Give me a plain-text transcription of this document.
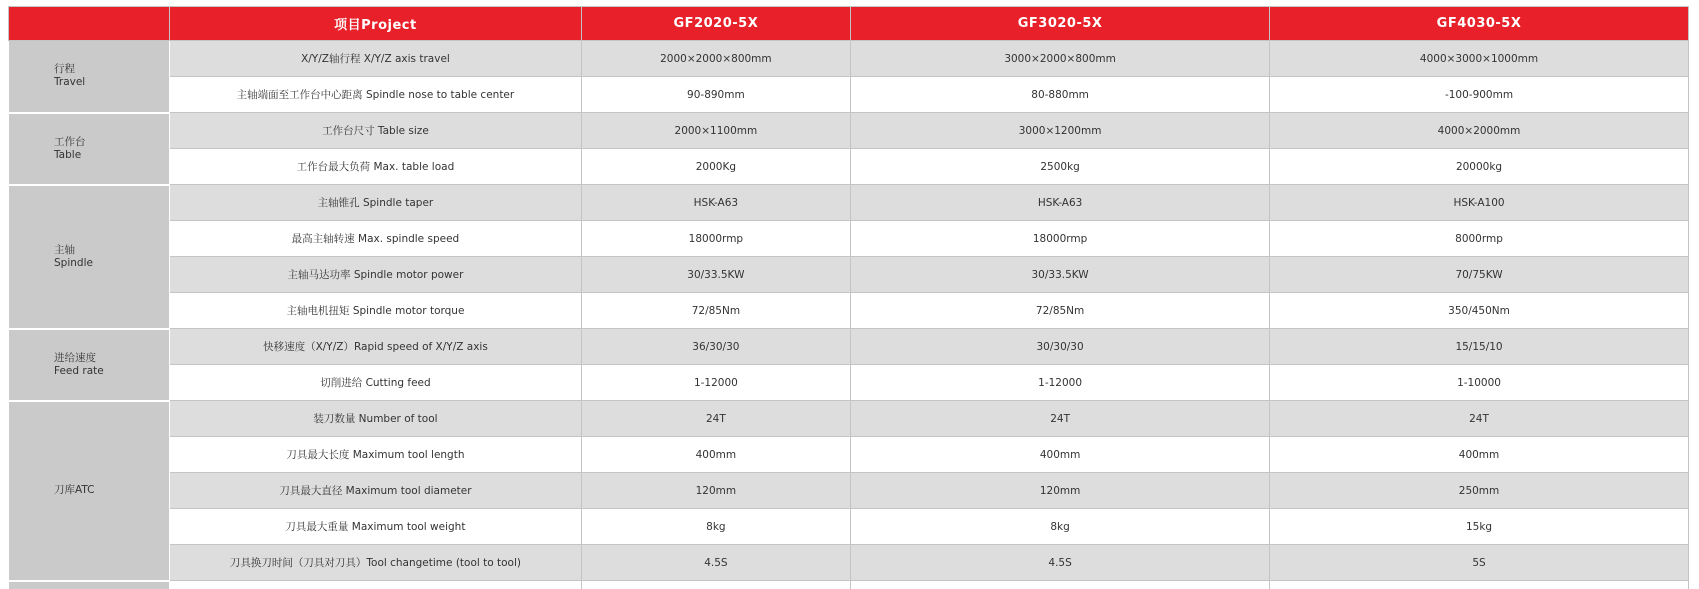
	项目Project	GF2020-5X	GF3020-5X	GF4030-5X

行程
Travel	X/Y/Z轴行程 X/Y/Z axis travel	2000×2000×800mm	3000×2000×800mm	4000×3000×1000mm
	主轴端面至工作台中心距离 Spindle nose to table center	90-890mm	80-880mm	-100-900mm

工作台
Table	工作台尺寸 Table size	2000×1100mm	3000×1200mm	4000×2000mm
	工作台最大负荷 Max. table load	2000Kg	2500kg	20000kg

主轴
Spindle	主轴锥孔 Spindle taper	HSK-A63	HSK-A63	HSK-A100
	最高主轴转速 Max. spindle speed	18000rmp	18000rmp	8000rmp
	主轴马达功率 Spindle motor power	30/33.5KW	30/33.5KW	70/75KW
	主轴电机扭矩 Spindle motor torque	72/85Nm	72/85Nm	350/450Nm

进给速度
Feed rate	快移速度（X/Y/Z）Rapid speed of X/Y/Z axis	36/30/30	30/30/30	15/15/10
	切削进给 Cutting feed	1-12000	1-12000	1-10000

刀库ATC	装刀数量 Number of tool	24T	24T	24T
	刀具最大长度 Maximum tool length	400mm	400mm	400mm
	刀具最大直径 Maximum tool diameter	120mm	120mm	250mm
	刀具最大重量 Maximum tool weight	8kg	8kg	15kg
	刀具换刀时间（刀具对刀具）Tool changetime (tool to tool)	4.5S	4.5S	5S
